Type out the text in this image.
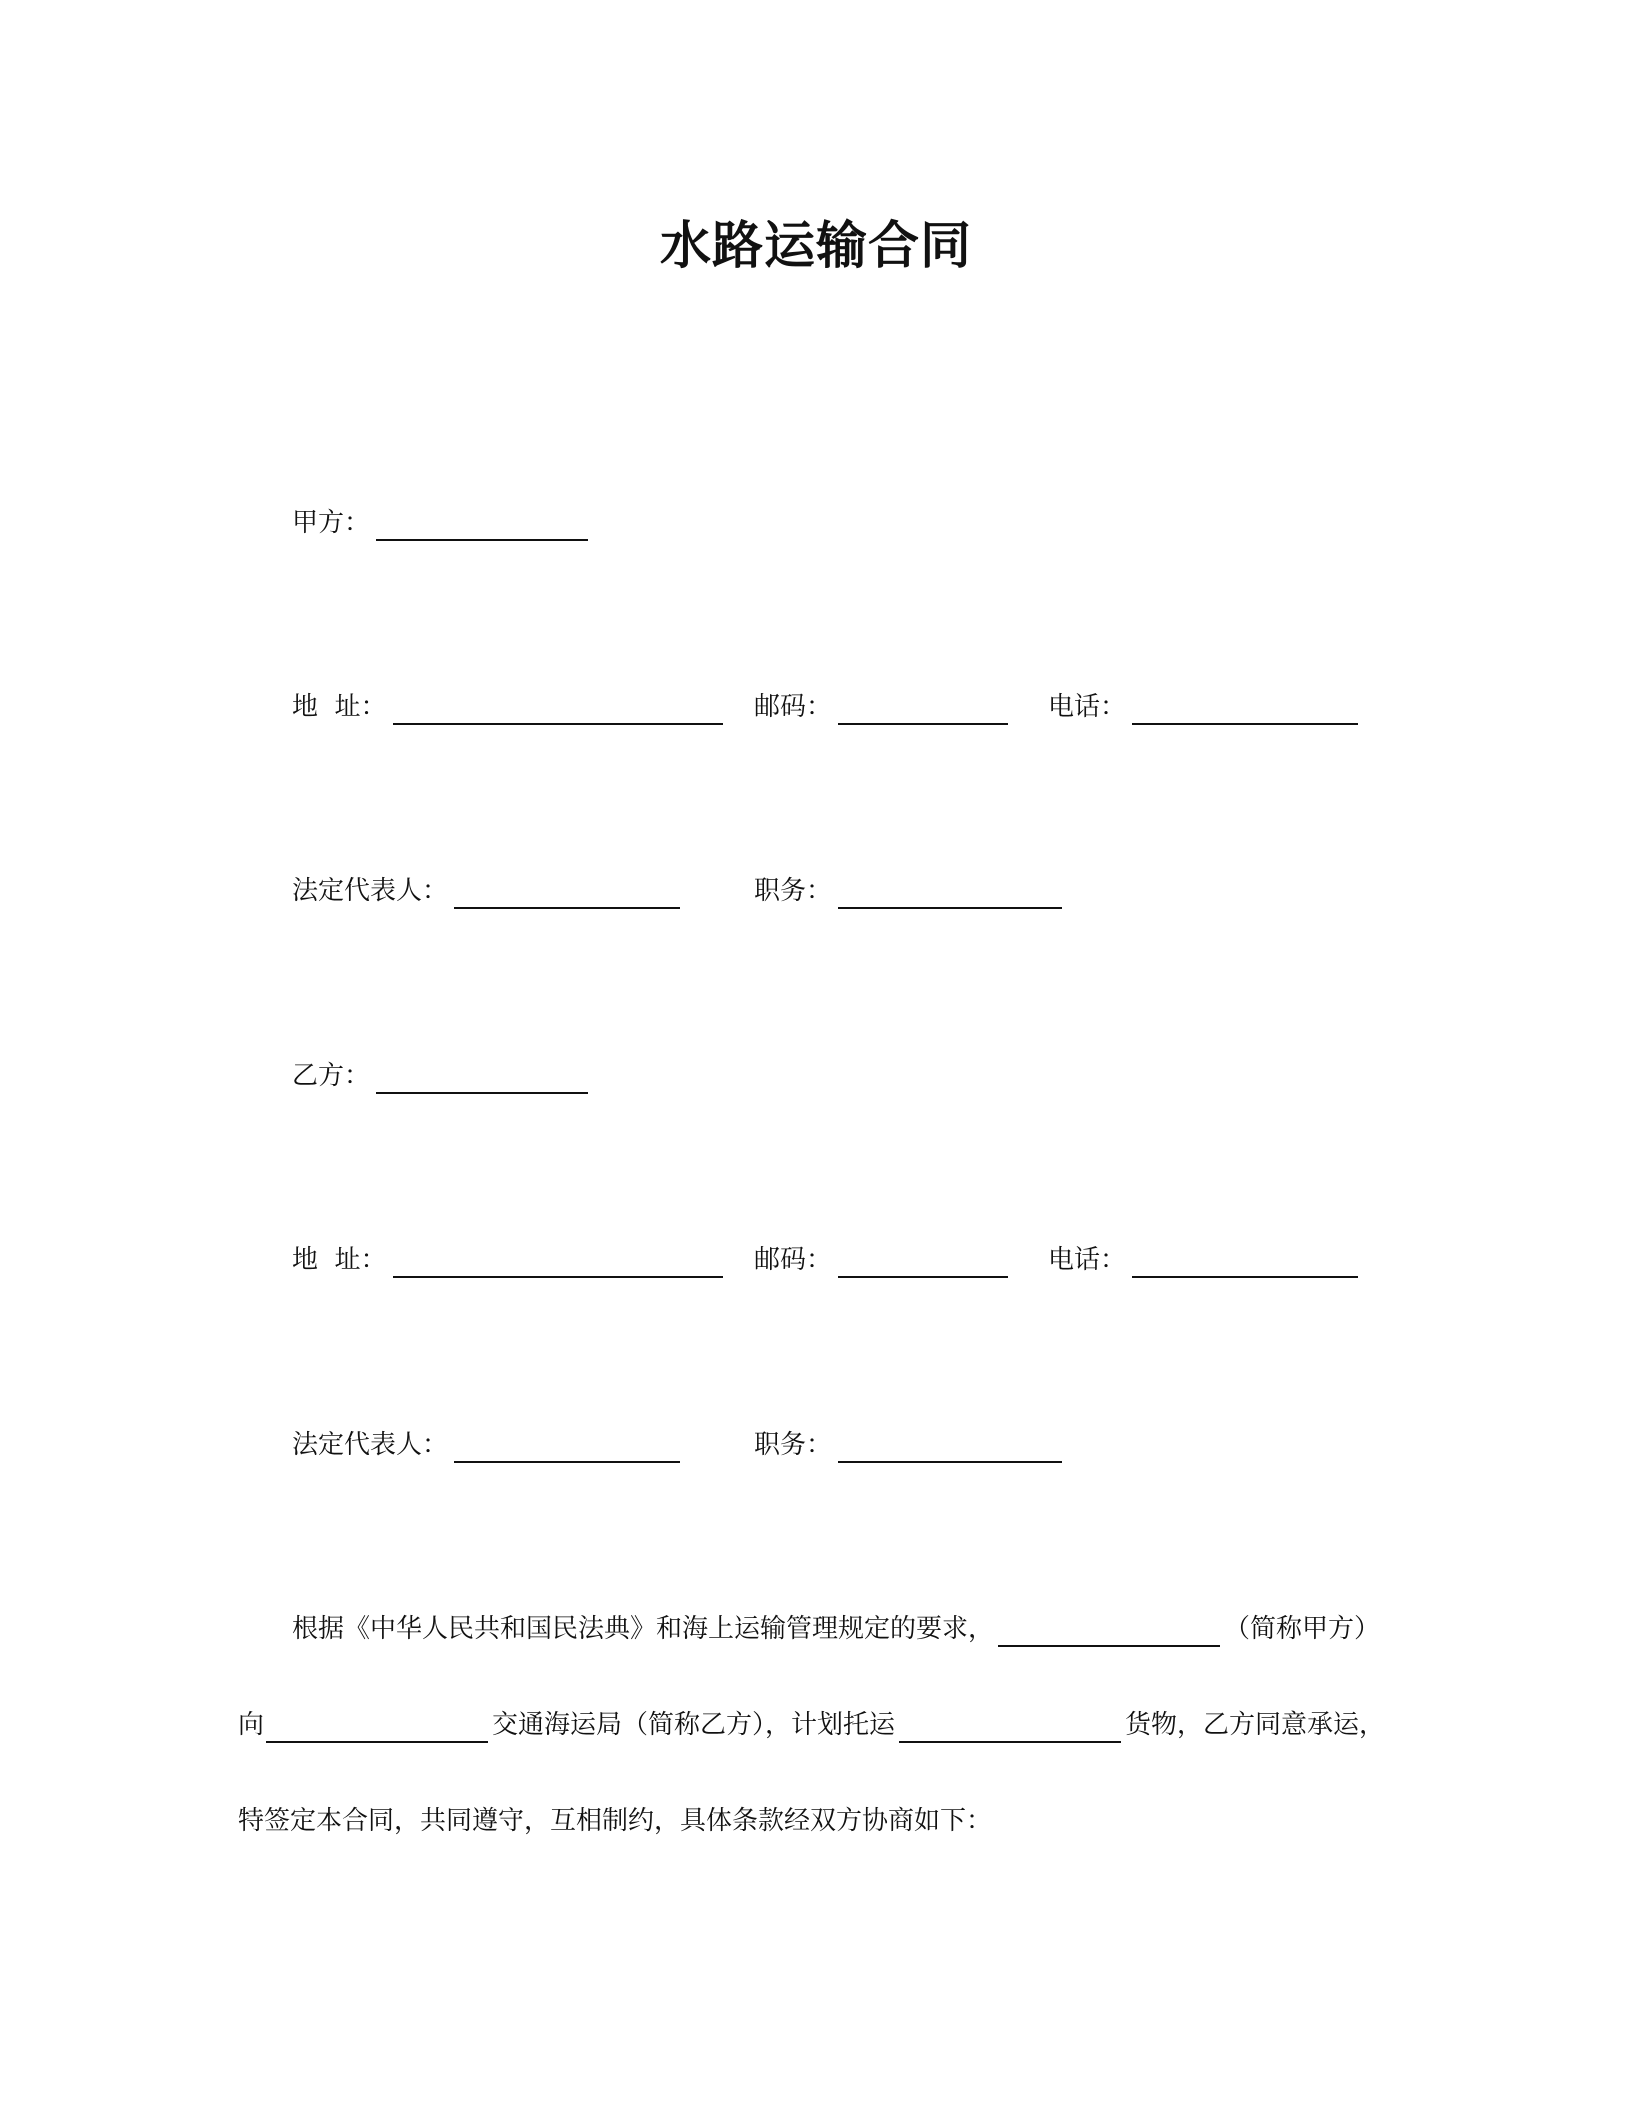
水路运输合同
甲方：
地  址：	邮码：	电话：
法定代表人：	职务：
乙方：
地  址：	邮码：	电话：
法定代表人：	职务：
根据《中华人民共和国民法典》和海上运输管理规定的要求，	（简称甲方）
向	交通海运局（简称乙方），计划托运	货物，乙方同意承运，
特签定本合同，共同遵守，互相制约，具体条款经双方协商如下：
